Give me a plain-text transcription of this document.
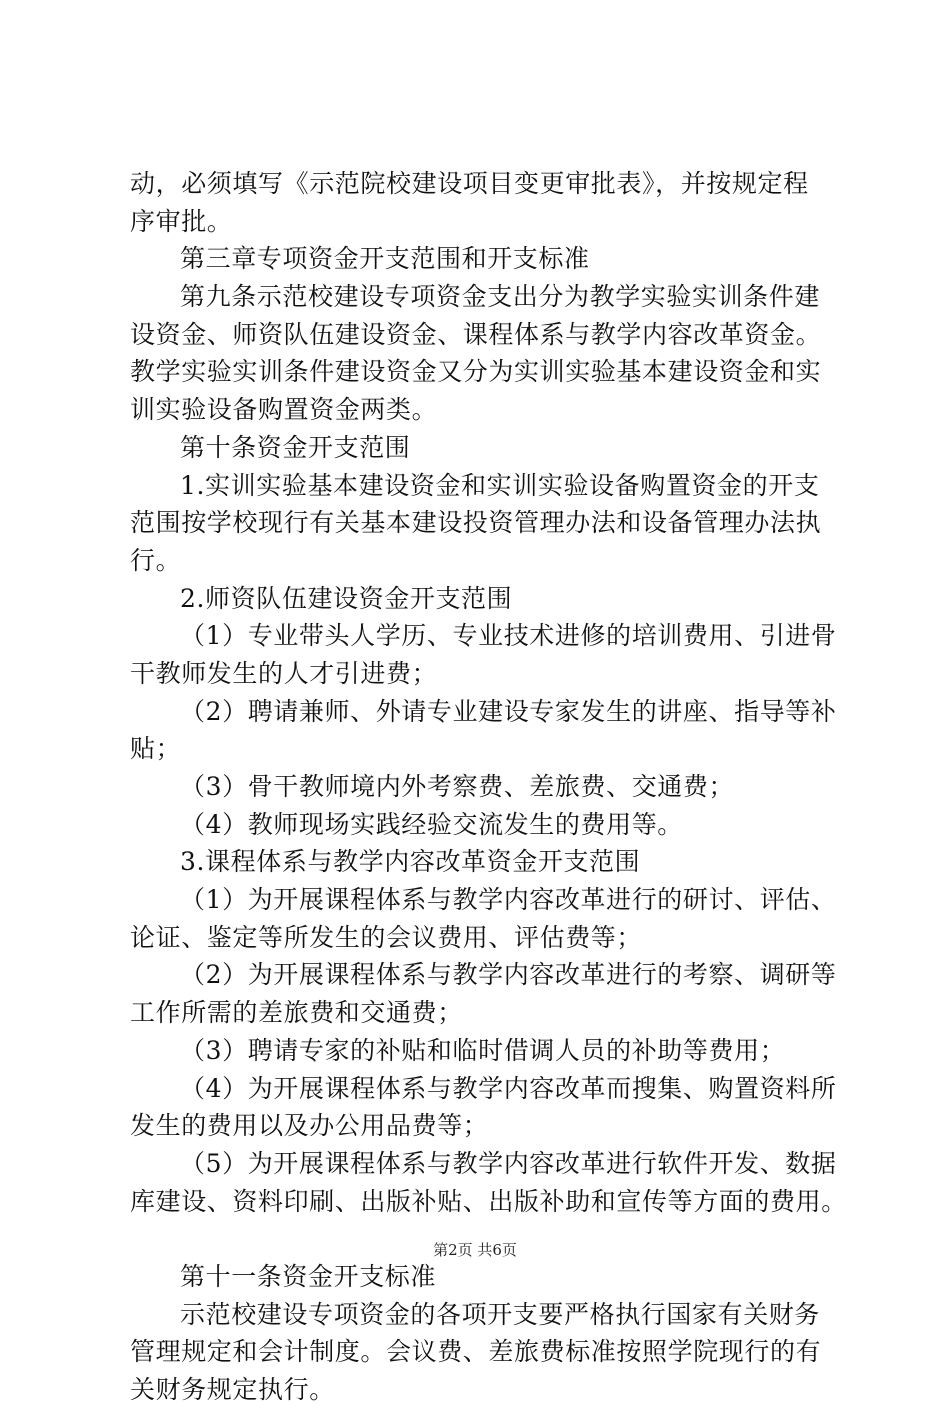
动，必须填写《示范院校建设项目变更审批表》，并按规定程
序审批。
第三章专项资金开支范围和开支标准
第九条示范校建设专项资金支出分为教学实验实训条件建
设资金、师资队伍建设资金、课程体系与教学内容改革资金。
教学实验实训条件建设资金又分为实训实验基本建设资金和实
训实验设备购置资金两类。
第十条资金开支范围
1.实训实验基本建设资金和实训实验设备购置资金的开支
范围按学校现行有关基本建设投资管理办法和设备管理办法执
行。
2.师资队伍建设资金开支范围
（1）专业带头人学历、专业技术进修的培训费用、引进骨
干教师发生的人才引进费；
（2）聘请兼师、外请专业建设专家发生的讲座、指导等补
贴；
（3）骨干教师境内外考察费、差旅费、交通费；
（4）教师现场实践经验交流发生的费用等。
3.课程体系与教学内容改革资金开支范围
（1）为开展课程体系与教学内容改革进行的研讨、评估、
论证、鉴定等所发生的会议费用、评估费等；
（2）为开展课程体系与教学内容改革进行的考察、调研等
工作所需的差旅费和交通费；
（3）聘请专家的补贴和临时借调人员的补助等费用；
（4）为开展课程体系与教学内容改革而搜集、购置资料所
发生的费用以及办公用品费等；
（5）为开展课程体系与教学内容改革进行软件开发、数据
库建设、资料印刷、出版补贴、出版补助和宣传等方面的费用。
第十一条资金开支标准
示范校建设专项资金的各项开支要严格执行国家有关财务
管理规定和会计制度。会议费、差旅费标准按照学院现行的有
关财务规定执行。
第2页 共6页
